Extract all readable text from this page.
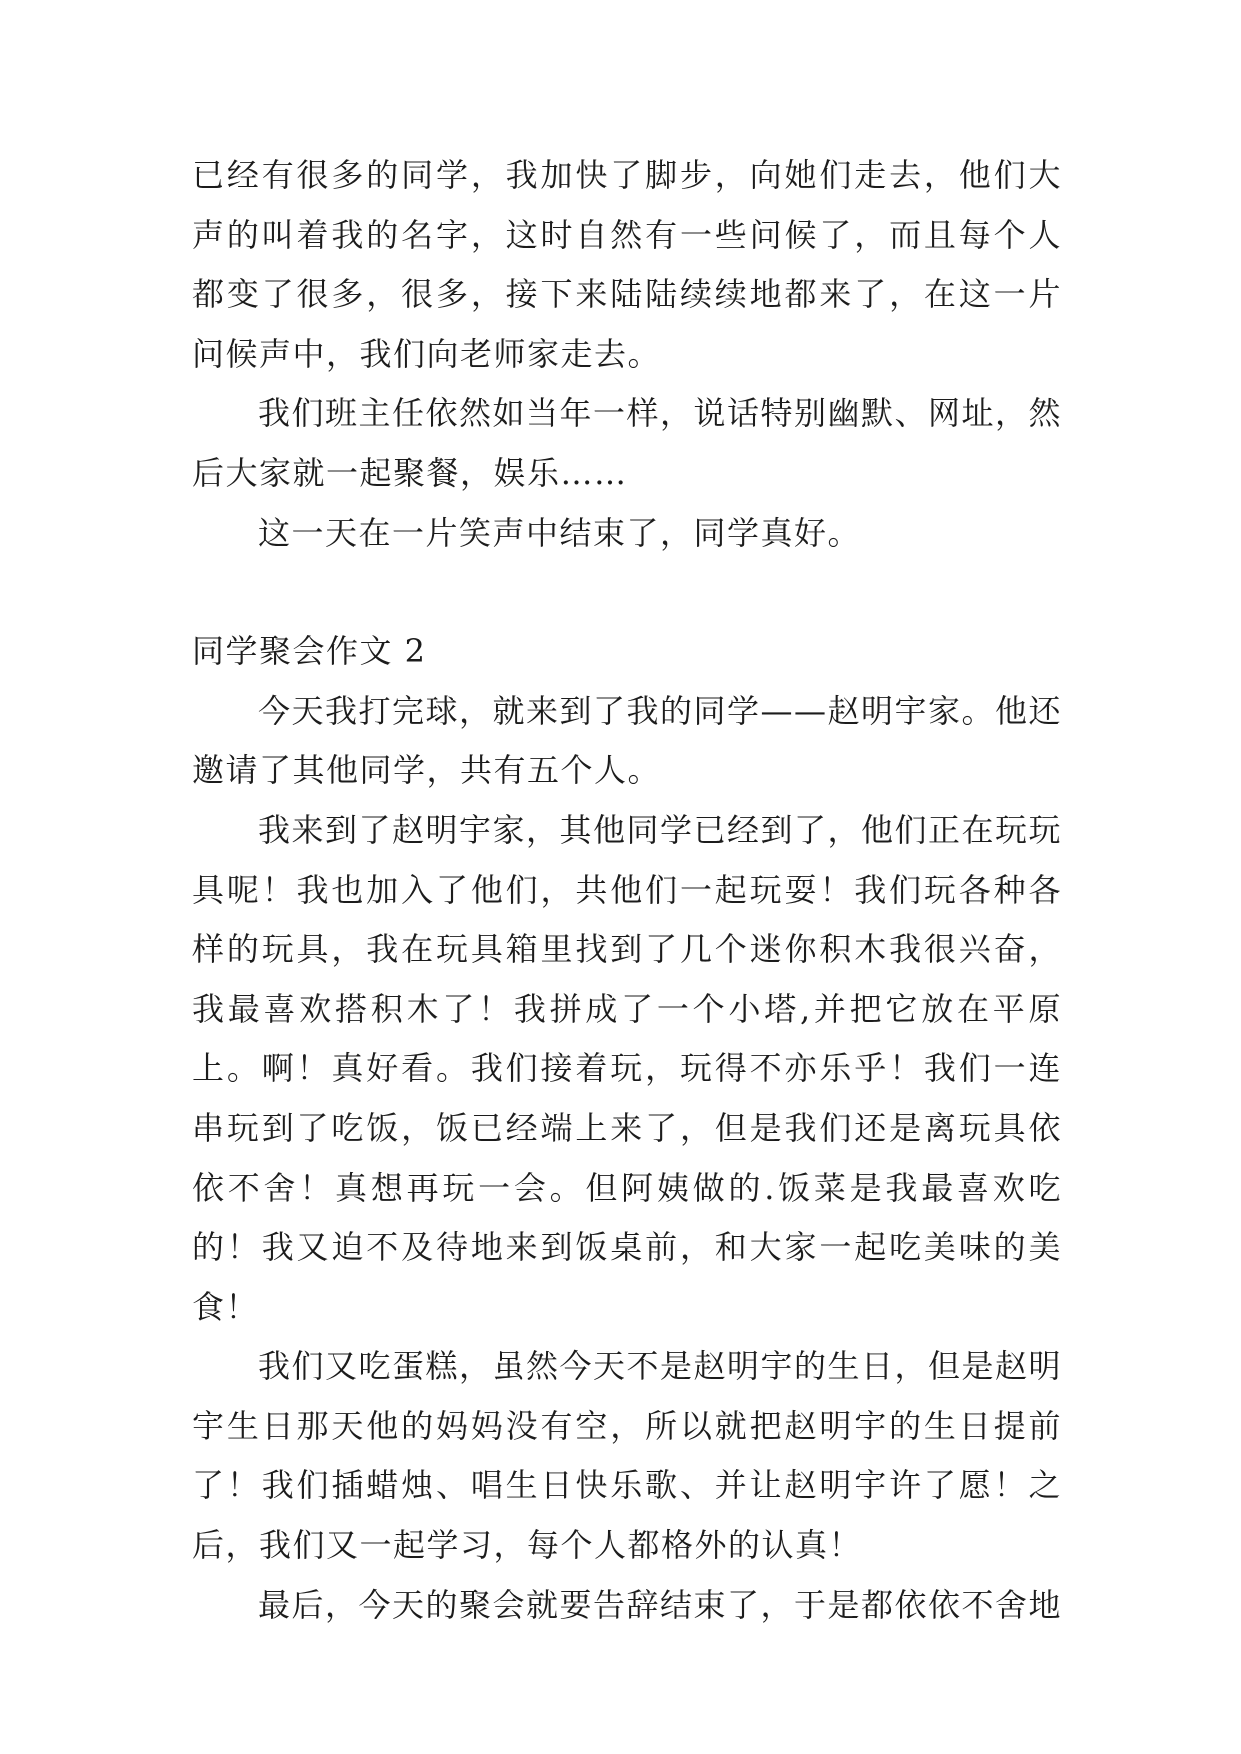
已经有很多的同学，我加快了脚步，向她们走去，他们大声的叫着我的名字，这时自然有一些问候了，而且每个人都变了很多，很多，接下来陆陆续续地都来了，在这一片问候声中，我们向老师家走去。

我们班主任依然如当年一样，说话特别幽默、网址，然后大家就一起聚餐，娱乐……

这一天在一片笑声中结束了，同学真好。

同学聚会作文 2

今天我打完球，就来到了我的同学——赵明宇家。他还邀请了其他同学，共有五个人。

我来到了赵明宇家，其他同学已经到了，他们正在玩玩具呢！我也加入了他们，共他们一起玩耍！我们玩各种各样的玩具，我在玩具箱里找到了几个迷你积木我很兴奋，我最喜欢搭积木了！我拼成了一个小塔,并把它放在平原上。啊！真好看。我们接着玩，玩得不亦乐乎！我们一连串玩到了吃饭，饭已经端上来了，但是我们还是离玩具依依不舍！真想再玩一会。但阿姨做的.饭菜是我最喜欢吃的！我又迫不及待地来到饭桌前，和大家一起吃美味的美食！

我们又吃蛋糕，虽然今天不是赵明宇的生日，但是赵明宇生日那天他的妈妈没有空，所以就把赵明宇的生日提前了！我们插蜡烛、唱生日快乐歌、并让赵明宇许了愿！之后，我们又一起学习，每个人都格外的认真！

最后，今天的聚会就要告辞结束了，于是都依依不舍地
